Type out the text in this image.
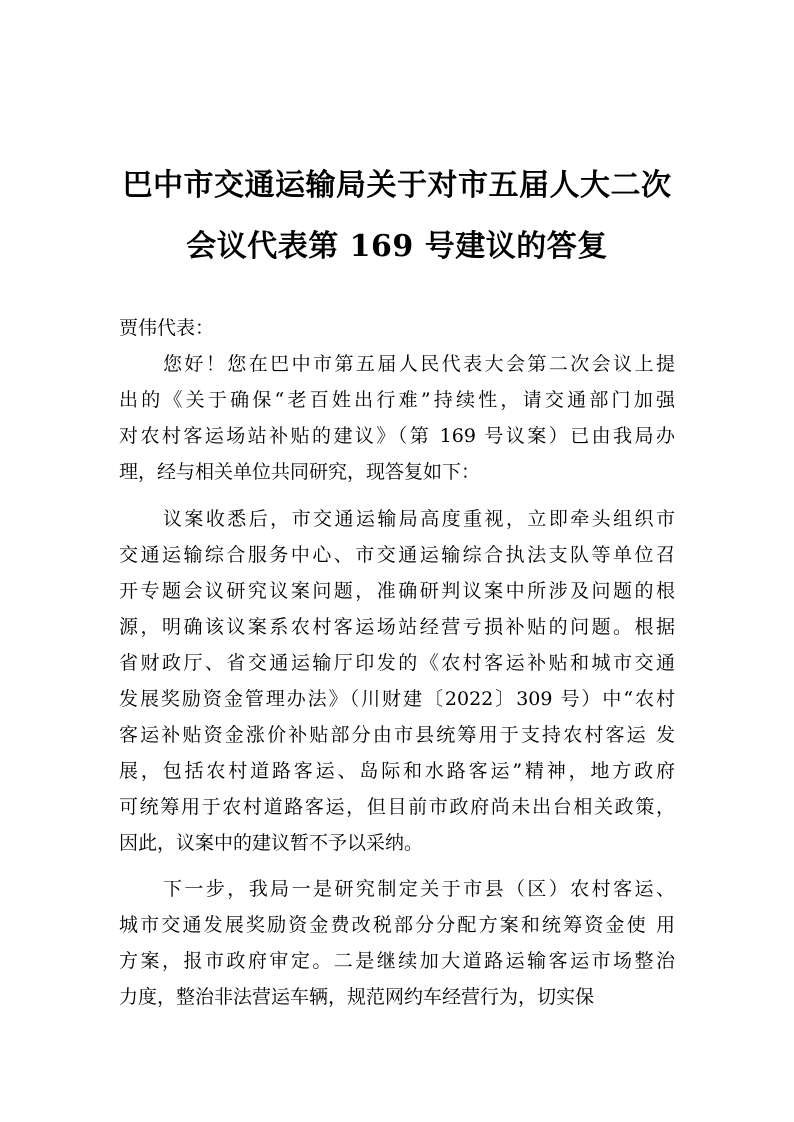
巴中市交通运输局关于对市五届人大二次
会议代表第 169 号建议的答复
贾伟代表：
您好！您在巴中市第五届人民代表大会第二次会议上提
出的《关于确保“老百姓出行难”持续性，请交通部门加强
对农村客运场站补贴的建议》（第 169 号议案）已由我局办
理，经与相关单位共同研究，现答复如下：
议案收悉后，市交通运输局高度重视，立即牵头组织市
交通运输综合服务中心、市交通运输综合执法支队等单位召
开专题会议研究议案问题，准确研判议案中所涉及问题的根
源，明确该议案系农村客运场站经营亏损补贴的问题。根据
省财政厅、省交通运输厅印发的《农村客运补贴和城市交通
发展奖励资金管理办法》（川财建〔2022〕309 号）中“农村
客运补贴资金涨价补贴部分由市县统筹用于支持农村客运 发
展，包括农村道路客运、岛际和水路客运”精神，地方政府
可统筹用于农村道路客运，但目前市政府尚未出台相关政策，
因此，议案中的建议暂不予以采纳。
下一步，我局一是研究制定关于市县（区）农村客运、
城市交通发展奖励资金费改税部分分配方案和统筹资金使 用
方案，报市政府审定。二是继续加大道路运输客运市场整治
力度，整治非法营运车辆，规范网约车经营行为，切实保
